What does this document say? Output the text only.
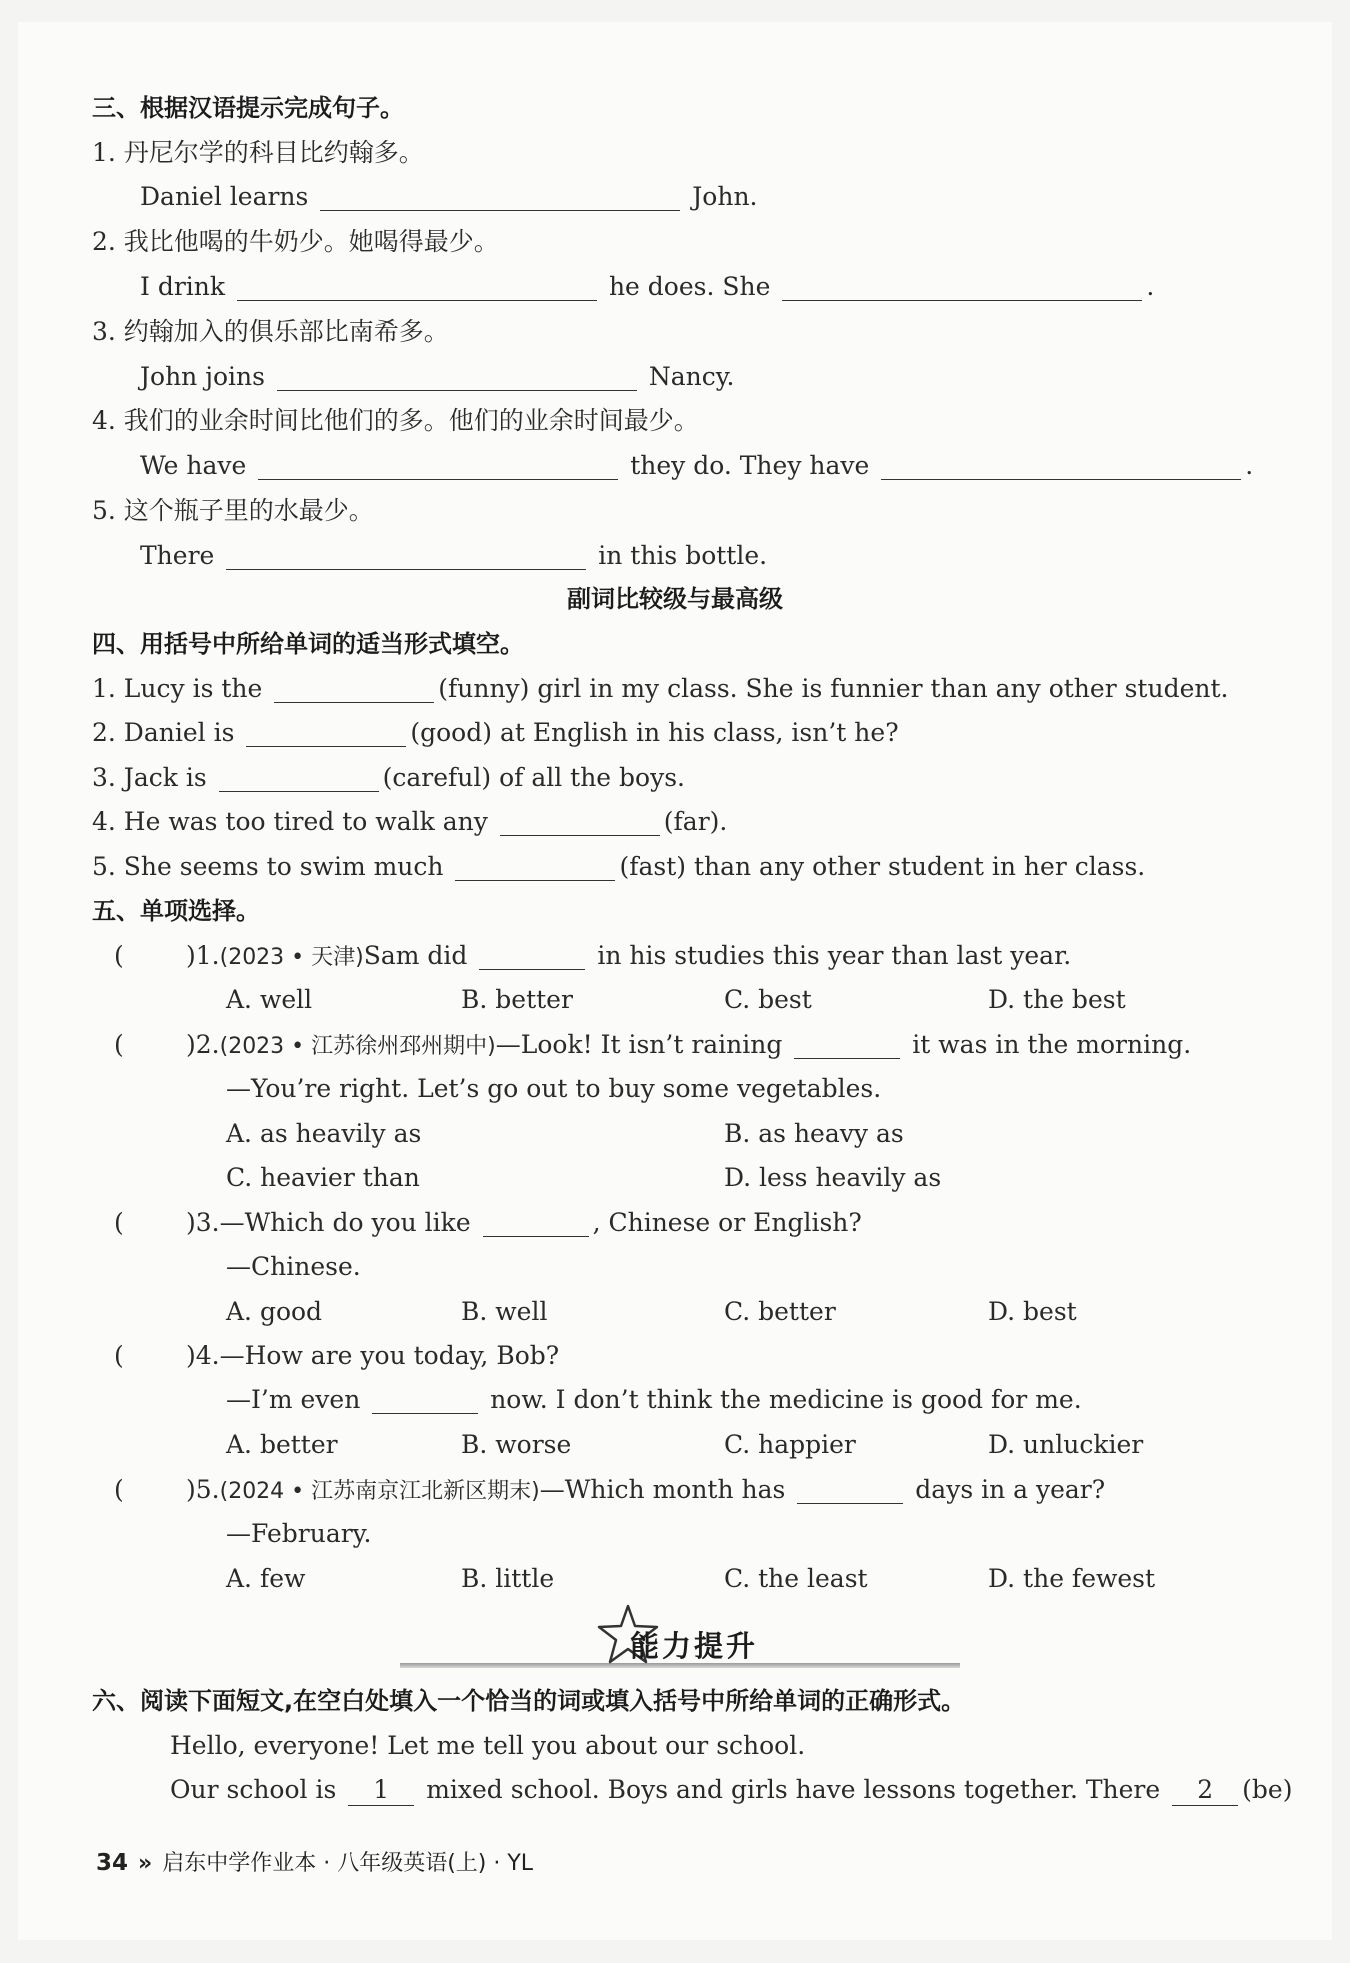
三、根据汉语提示完成句子。
1. 丹尼尔学的科目比约翰多。
Daniel learns	John.
2. 我比他喝的牛奶少。她喝得最少。
I drink	he does. She	.
3. 约翰加入的俱乐部比南希多。
John joins	Nancy.
4. 我们的业余时间比他们的多。他们的业余时间最少。
We have	they do. They have	.
5. 这个瓶子里的水最少。
There	in this bottle.
副词比较级与最高级
四、用括号中所给单词的适当形式填空。
1. Lucy is the	(funny) girl in my class. She is funnier than any other student.
2. Daniel is	(good) at English in his class, isn’t he?
3. Jack is	(careful) of all the boys.
4. He was too tired to walk any	(far).
5. She seems to swim much	(fast) than any other student in her class.
五、单项选择。
( )1.(2023 • 天津)Sam did	in his studies this year than last year.
A. well	B. better	C. best	D. the best
( )2.(2023 • 江苏徐州邳州期中)—Look! It isn’t raining	it was in the morning.
—You’re right. Let’s go out to buy some vegetables.
A. as heavily as	B. as heavy as
C. heavier than	D. less heavily as
( )3.—Which do you like	, Chinese or English?
—Chinese.
A. good	B. well	C. better	D. best
( )4.—How are you today, Bob?
—I’m even	now. I don’t think the medicine is good for me.
A. better	B. worse	C. happier	D. unluckier
( )5.(2024 • 江苏南京江北新区期末)—Which month has	days in a year?
—February.
A. few	B. little	C. the least	D. the fewest
能力提升
六、阅读下面短文,在空白处填入一个恰当的词或填入括号中所给单词的正确形式。
Hello, everyone! Let me tell you about our school.
Our school is 1 mixed school. Boys and girls have lessons together. There 2 (be)
34 » 启东中学作业本 · 八年级英语(上) · YL
